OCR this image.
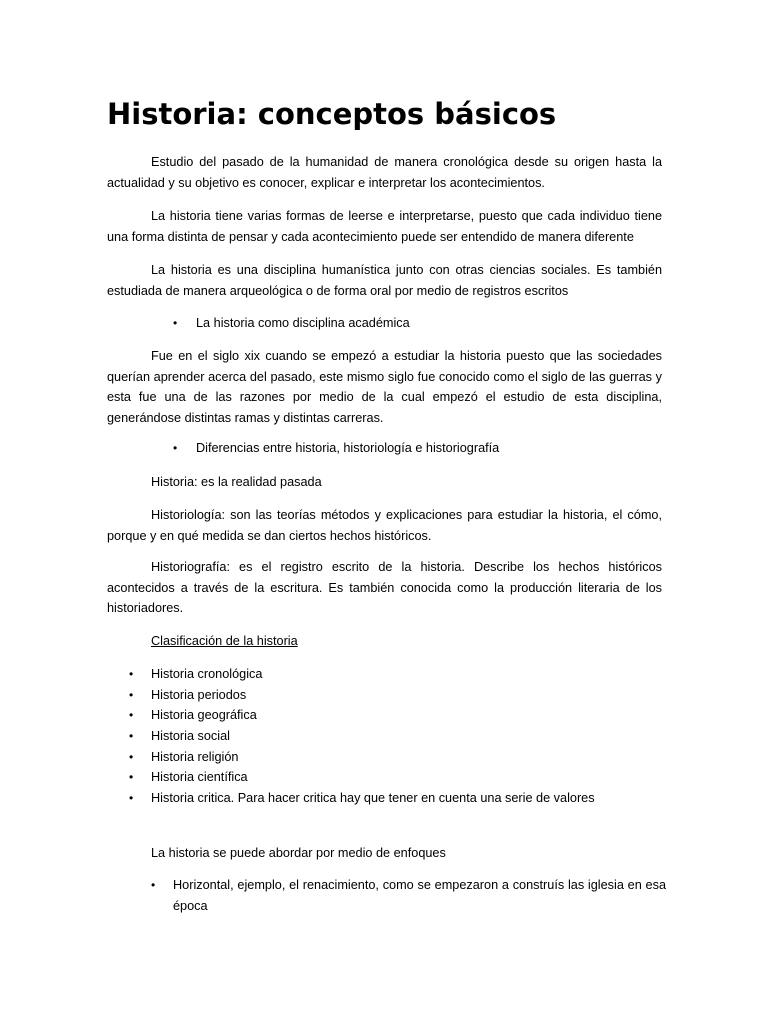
Historia: conceptos básicos

Estudio del pasado de la humanidad de manera cronológica desde su origen hasta la actualidad y su objetivo es conocer, explicar e interpretar los acontecimientos.

La historia tiene varias formas de leerse e interpretarse, puesto que cada individuo tiene una forma distinta de pensar y cada acontecimiento puede ser entendido de manera diferente

La historia es una disciplina humanística junto con otras ciencias sociales. Es también estudiada de manera arqueológica o de forma oral por medio de registros escritos

• La historia como disciplina académica

Fue en el siglo xix cuando se empezó a estudiar la historia puesto que las sociedades querían aprender acerca del pasado, este mismo siglo fue conocido como el siglo de las guerras y esta fue una de las razones por medio de la cual empezó el estudio de esta disciplina, generándose distintas ramas y distintas carreras.

• Diferencias entre historia, historiología e historiografía

Historia: es la realidad pasada

Historiología: son las teorías métodos y explicaciones para estudiar la historia, el cómo, porque y en qué medida se dan ciertos hechos históricos.

Historiografía: es el registro escrito de la historia. Describe los hechos históricos acontecidos a través de la escritura. Es también conocida como la producción literaria de los historiadores.

Clasificación de la historia

• Historia cronológica
• Historia periodos
• Historia geográfica
• Historia social
• Historia religión
• Historia científica
• Historia critica. Para hacer critica hay que tener en cuenta una serie de valores

La historia se puede abordar por medio de enfoques

• Horizontal, ejemplo, el renacimiento, como se empezaron a construís las iglesia en esa época
